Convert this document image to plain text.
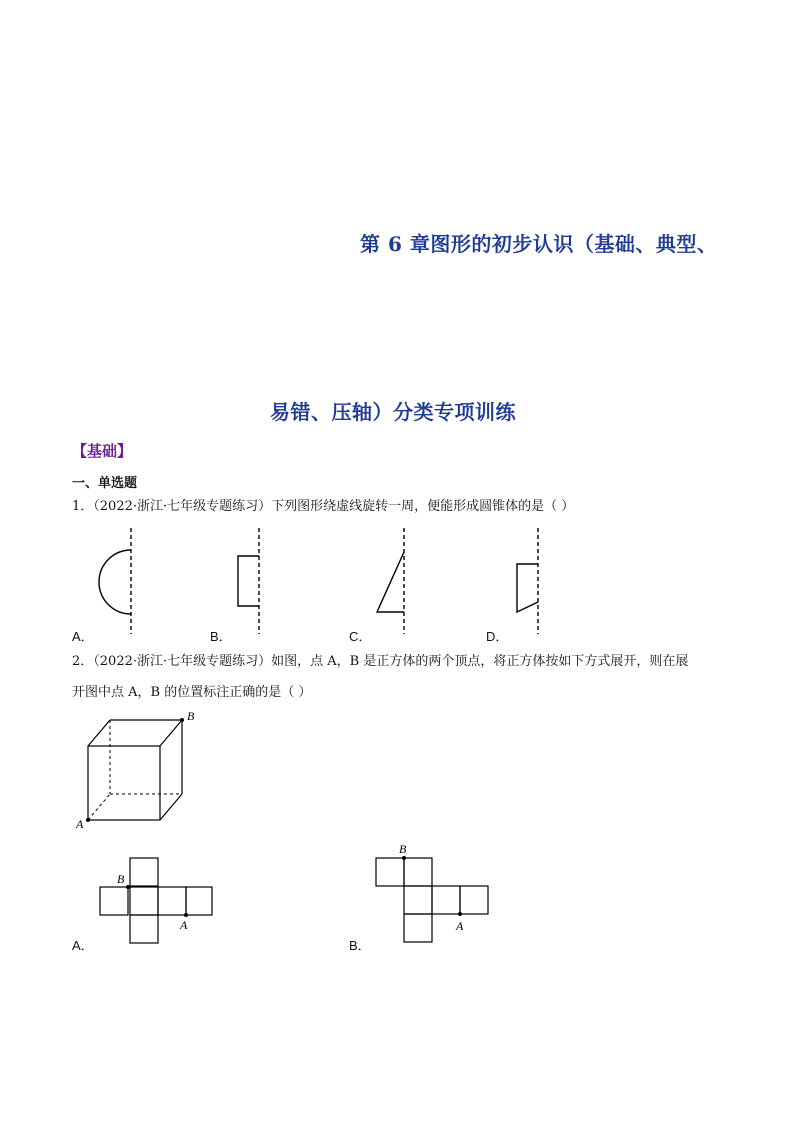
第 6 章图形的初步认识（基础、典型、
易错、压轴）分类专项训练
【基础】
一、单选题
1．（2022·浙江·七年级专题练习）下列图形绕虚线旋转一周，便能形成圆锥体的是（ ）
A．	B．	C．	D．
2．（2022·浙江·七年级专题练习）如图，点 A，B 是正方体的两个顶点，将正方体按如下方式展开，则在展
开图中点 A，B 的位置标注正确的是（ ）
B
A
B
A
A．
B
A
B．
